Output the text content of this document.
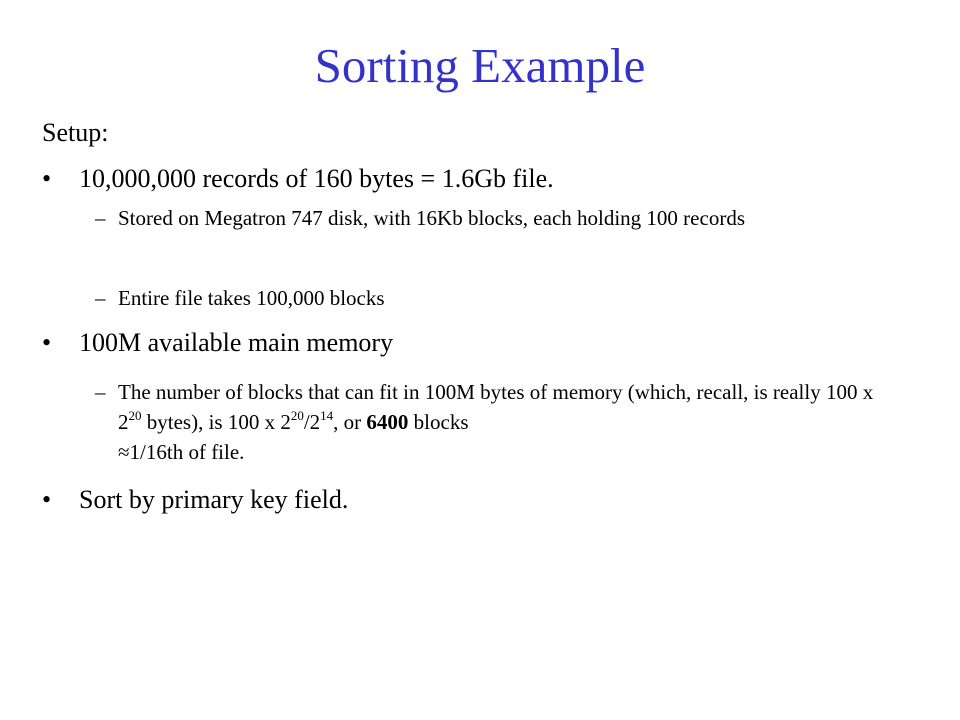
Sorting Example
Setup:
• 10,000,000 records of 160 bytes = 1.6Gb file.
– Stored on Megatron 747 disk, with 16Kb blocks, each holding 100 records
– Entire file takes 100,000 blocks
• 100M available main memory
– The number of blocks that can fit in 100M bytes of memory (which, recall, is really 100 x $2^{20}$ bytes), is 100 x $2^{20}/2^{14}$, or 6400 blocks
≈1/16th of file.
• Sort by primary key field.
